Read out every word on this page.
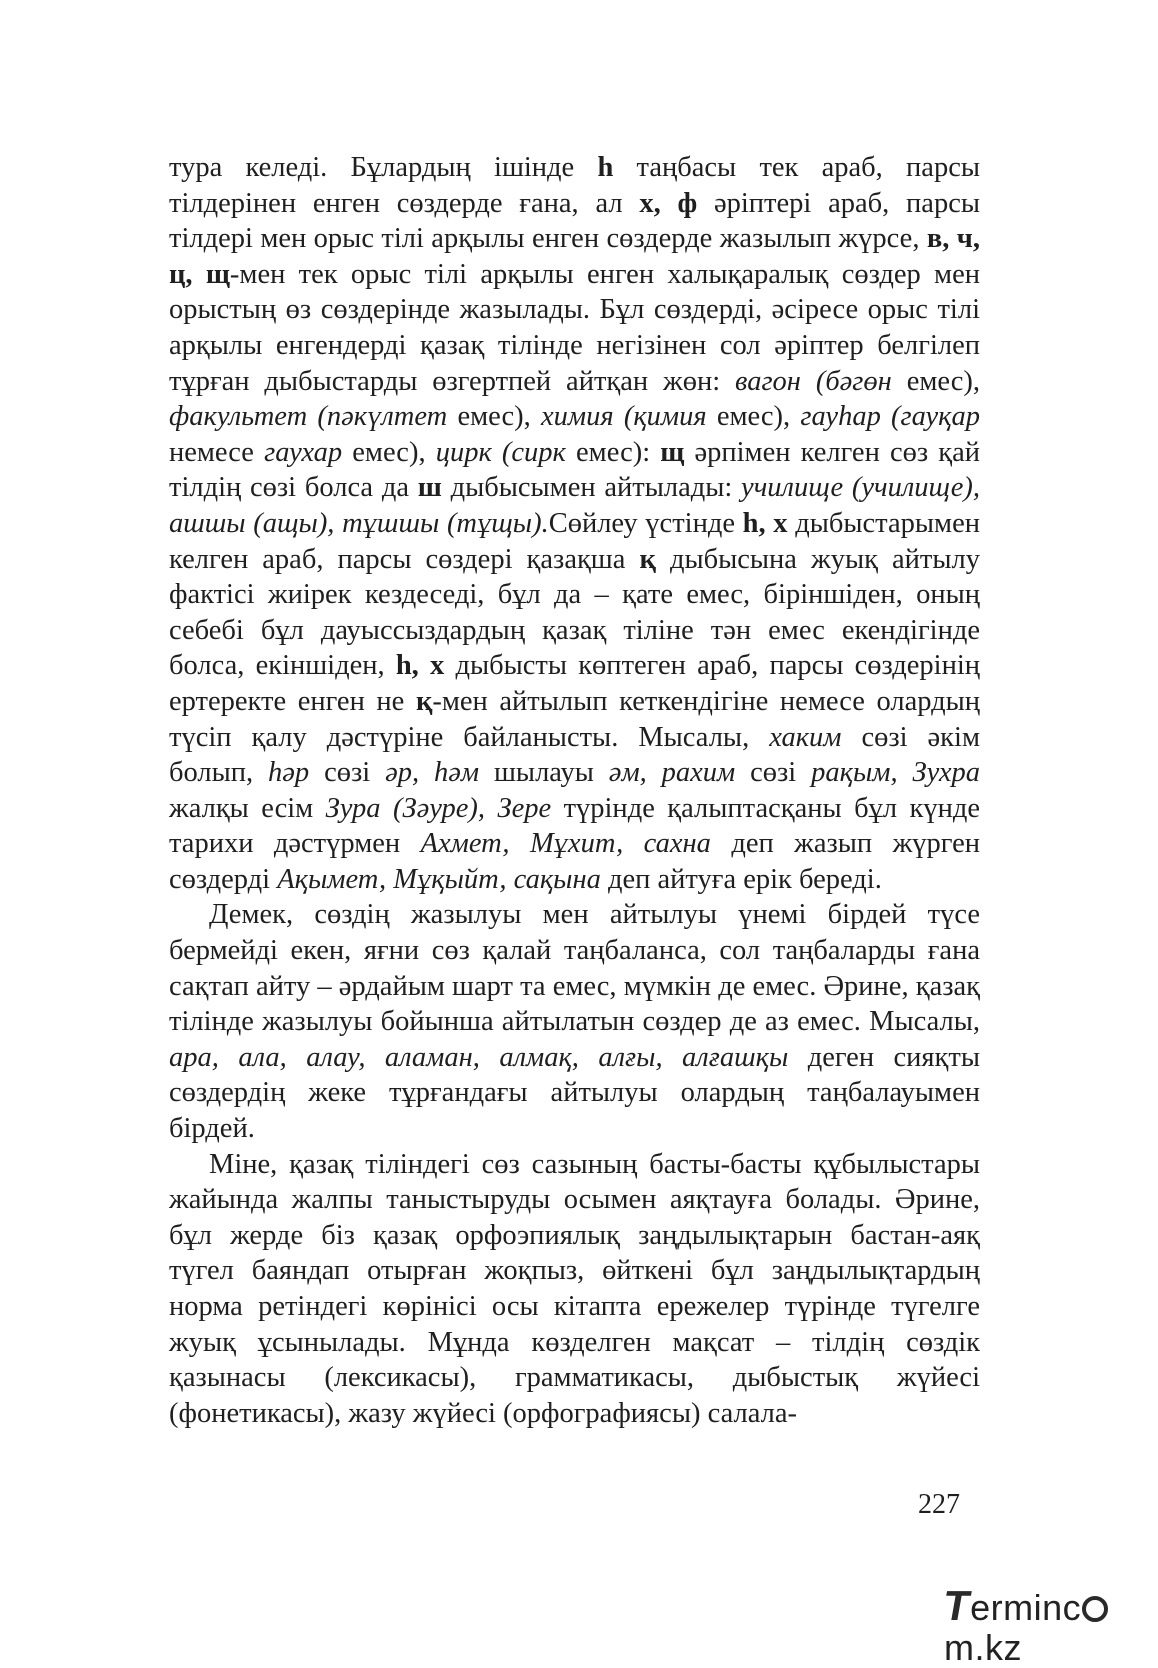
тура келеді. Бұлардың ішінде һ таңбасы тек араб, парсы тілдерінен енген сөздерде ғана, ал х, ф әріптері араб, парсы тілдері мен орыс тілі арқылы енген сөздерде жазылып жүрсе, в, ч, ц, щ-мен тек орыс тілі арқылы енген халықаралық сөздер мен орыстың өз сөздерінде жазылады. Бұл сөздерді, әсіресе орыс тілі арқылы енгендерді қазақ тілінде негізінен сол әріптер белгілеп тұрған дыбыстарды өзгертпей айтқан жөн: вагон (бәгөн емес), факультет (пәкүлтет емес), химия (қимия емес), гауһар (гауқар немесе гаухар емес), цирк (сирк емес): щ әрпімен келген сөз қай тілдің сөзі болса да ш дыбысымен айтылады: училище (училище), ашшы (ащы), тұшшы (тұщы).Сөйлеу үстінде һ, х дыбыстарымен келген араб, парсы сөздері қазақша қ дыбысына жуық айтылу фактісі жиірек кездеседі, бұл да – қате емес, біріншіден, оның себебі бұл дауыссыздардың қазақ тіліне тән емес екендігінде болса, екіншіден, һ, х дыбысты көптеген араб, парсы сөздерінің ертеректе енген не қ-мен айтылып кеткендігіне немесе олардың түсіп қалу дәстүріне байланысты. Мысалы, хаким сөзі әкім болып, һәр сөзі әр, һәм шылауы әм, рахим сөзі рақым, Зухра жалқы есім Зура (Зәуре), Зере түрінде қалыптасқаны бұл күнде тарихи дәстүрмен Ахмет, Мұхит, сахна деп жазып жүрген сөздерді Ақымет, Мұқыйт, сақына деп айтуға ерік береді.

Демек, сөздің жазылуы мен айтылуы үнемі бірдей түсе бермейді екен, яғни сөз қалай таңбаланса, сол таңбаларды ғана сақтап айту – әрдайым шарт та емес, мүмкін де емес. Әрине, қазақ тілінде жазылуы бойынша айтылатын сөздер де аз емес. Мысалы, ара, ала, алау, аламан, алмақ, алғы, алғашқы деген сияқты сөздердің жеке тұрғандағы айтылуы олардың таңбалауымен бірдей.

Міне, қазақ тіліндегі сөз сазының басты-басты құбылыстары жайында жалпы таныстыруды осымен аяқтауға болады. Әрине, бұл жерде біз қазақ орфоэпиялық заңдылықтарын бастан-аяқ түгел баяндап отырған жоқпыз, өйткені бұл заңдылықтардың норма ретіндегі көрінісі осы кітапта ережелер түрінде түгелге жуық ұсынылады. Мұнда көзделген мақсат – тілдің сөздік қазынасы (лексикасы), грамматикасы, дыбыстық жүйесі (фонетикасы), жазу жүйесі (орфографиясы) салала-

227
Termincm.kz
